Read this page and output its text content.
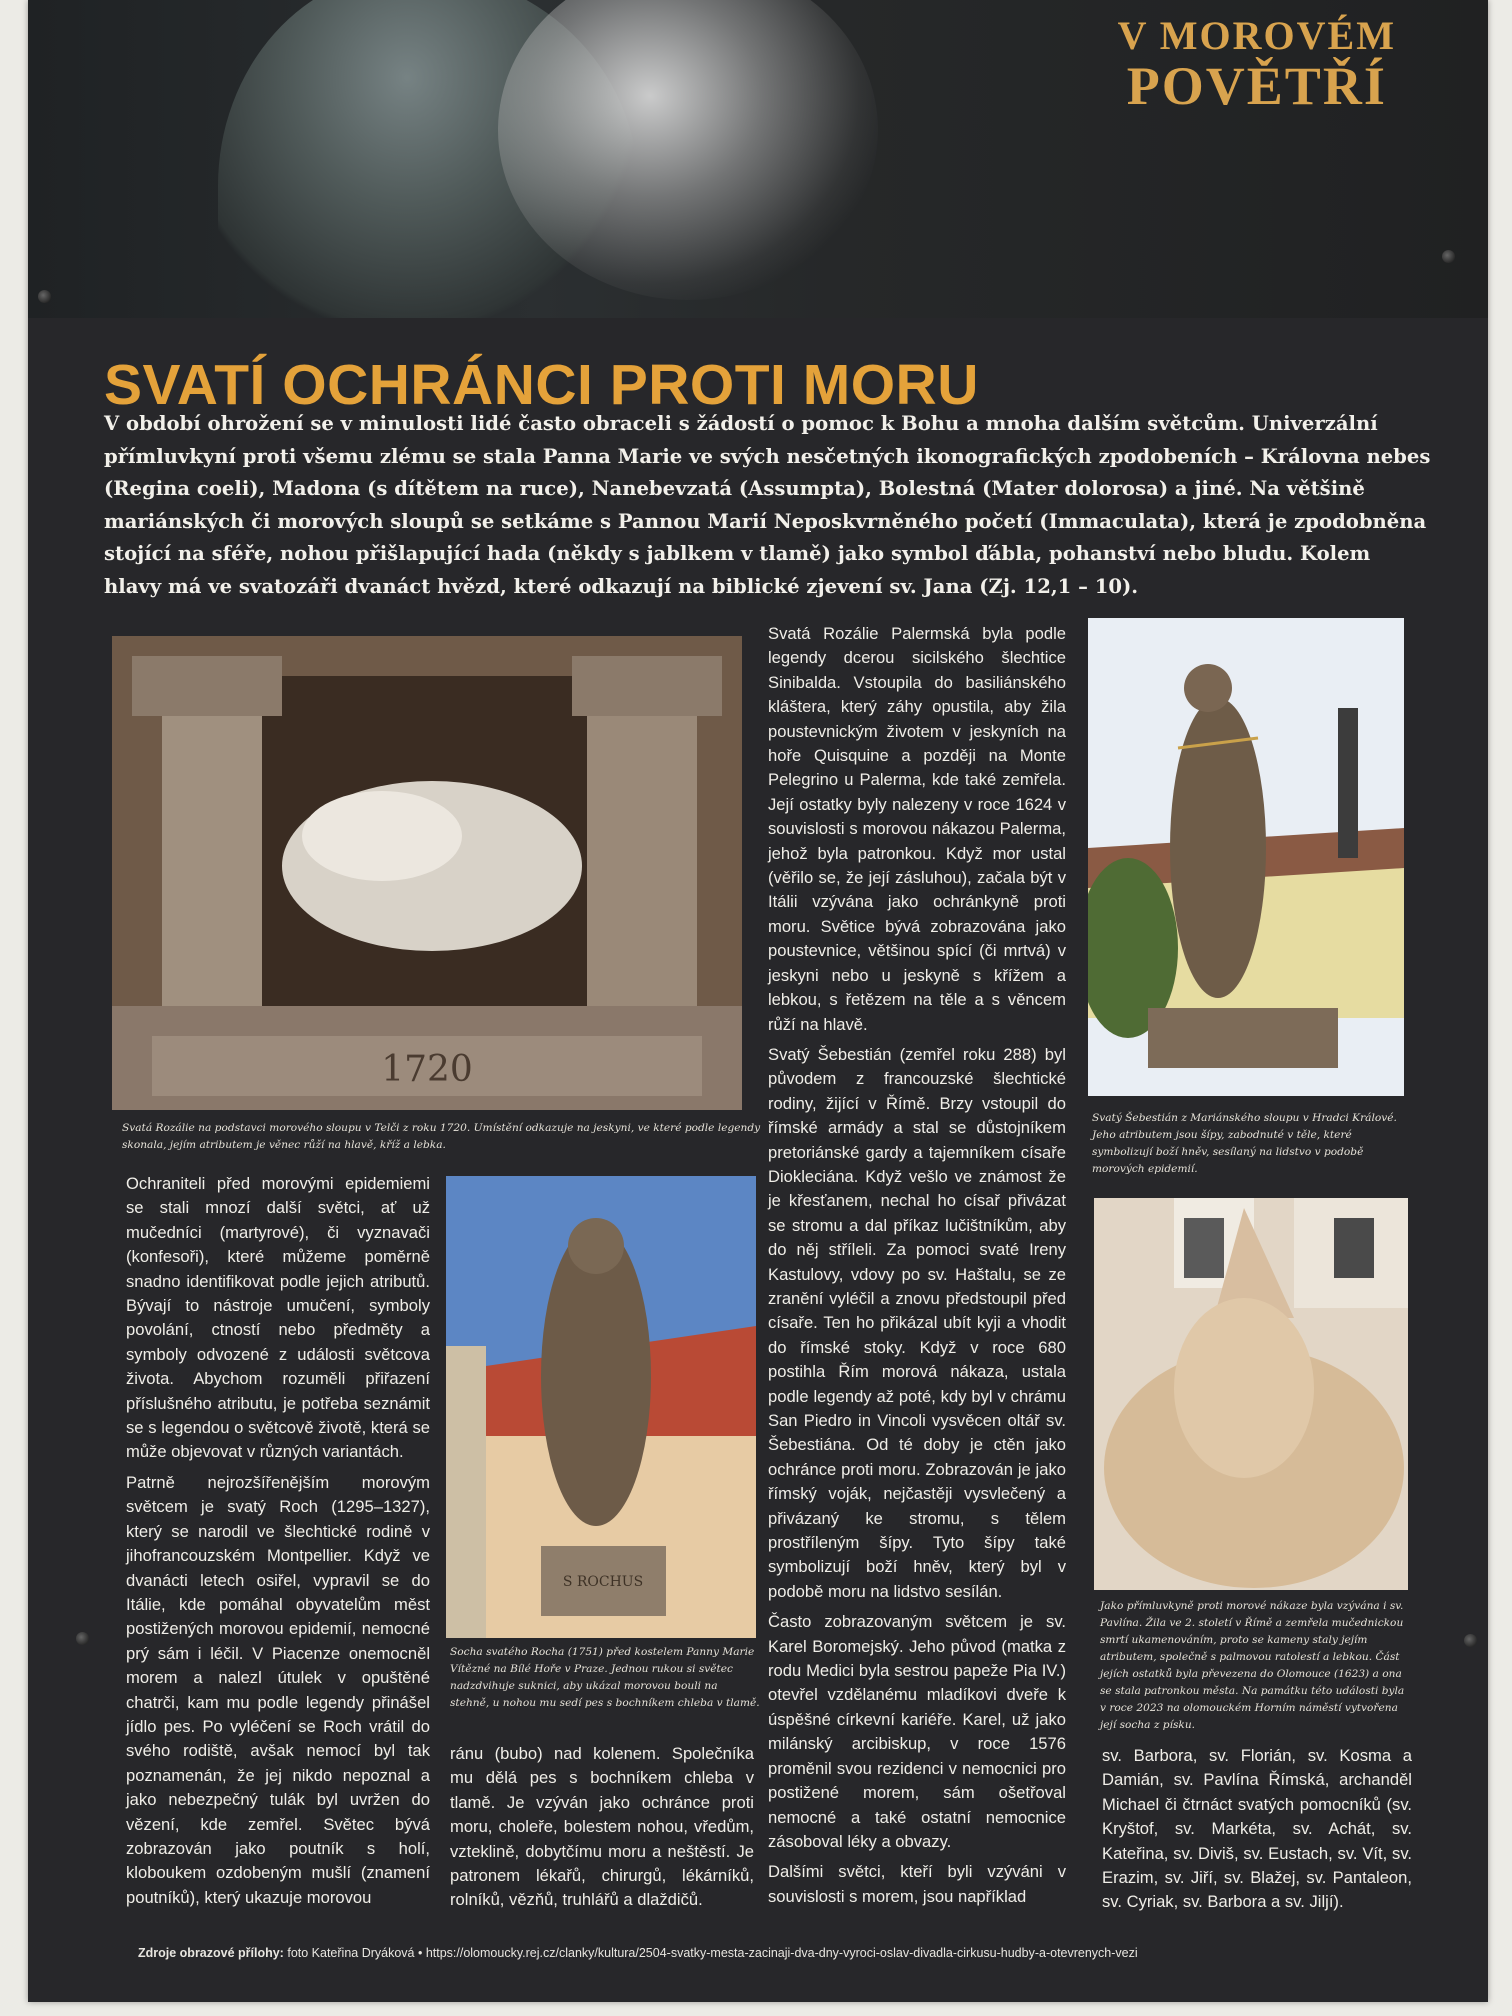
V MOROVÉM
POVĚTŘÍ
SVATÍ OCHRÁNCI PROTI MORU

V období ohrožení se v minulosti lidé často obraceli s žádostí o pomoc k Bohu a mnoha dalším světcům. Univerzální přímluvkyní proti všemu zlému se stala Panna Marie ve svých nesčetných ikonografických zpodobeních – Královna nebes (Regina coeli), Madona (s dítětem na ruce), Nanebevzatá (Assumpta), Bolestná (Mater dolorosa) a jiné. Na většině mariánských či morových sloupů se setkáme s Pannou Marií Neposkvrněného početí (Immaculata), která je zpodobněna stojící na sféře, nohou přišlapující hada (někdy s jablkem v tlamě) jako symbol ďábla, pohanství nebo bludu. Kolem hlavy má ve svatozáři dvanáct hvězd, které odkazují na biblické zjevení sv. Jana (Zj. 12,1 – 10).

1720

Svatá Rozálie na podstavci morového sloupu v Telči z roku 1720. Umístění odkazuje na jeskyni, ve které podle legendy skonala, jejím atributem je věnec růží na hlavě, kříž a lebka.

S ROCHUS

Socha svatého Rocha (1751) před kostelem Panny Marie Vítězné na Bílé Hoře v Praze. Jednou rukou si světec nadzdvihuje suknici, aby ukázal morovou bouli na stehně, u nohou mu sedí pes s bochníkem chleba v tlamě.

Svatý Šebestián z Mariánského sloupu v Hradci Králové. Jeho atributem jsou šípy, zabodnuté v těle, které symbolizují boží hněv, sesílaný na lidstvo v podobě morových epidemií.

Jako přímluvkyně proti morové nákaze byla vzývána i sv. Pavlína. Žila ve 2. století v Římě a zemřela mučednickou smrtí ukamenováním, proto se kameny staly jejím atributem, společně s palmovou ratolestí a lebkou. Část jejích ostatků byla převezena do Olomouce (1623) a ona se stala patronkou města. Na památku této události byla v roce 2023 na olomouckém Horním náměstí vytvořena její socha z písku.

Ochraniteli před morovými epidemiemi se stali mnozí další světci, ať už mučedníci (martyrové), či vyznavači (konfesoři), které můžeme poměrně snadno identifikovat podle jejich atributů. Bývají to nástroje umučení, symboly povolání, ctností nebo předměty a symboly odvozené z události světcova života. Abychom rozuměli přiřazení příslušného atributu, je potřeba seznámit se s legendou o světcově životě, která se může objevovat v různých variantách.

Patrně nejrozšířenějším morovým světcem je svatý Roch (1295–1327), který se narodil ve šlechtické rodině v jihofrancouzském Montpellier. Když ve dvanácti letech osiřel, vypravil se do Itálie, kde pomáhal obyvatelům měst postižených morovou epidemií, nemocné prý sám i léčil. V Piacenze onemocněl morem a nalezl útulek v opuštěné chatrči, kam mu podle legendy přinášel jídlo pes. Po vyléčení se Roch vrátil do svého rodiště, avšak nemocí byl tak poznamenán, že jej nikdo nepoznal a jako nebezpečný tulák byl uvržen do vězení, kde zemřel. Světec bývá zobrazován jako poutník s holí, kloboukem ozdobeným mušlí (znamení poutníků), který ukazuje morovou

ránu (bubo) nad kolenem. Společníka mu dělá pes s bochníkem chleba v tlamě. Je vzýván jako ochránce proti moru, choleře, bolestem nohou, vředům, vzteklině, dobytčímu moru a neštěstí. Je patronem lékařů, chirurgů, lékárníků, rolníků, vězňů, truhlářů a dlaždičů.

Svatá Rozálie Palermská byla podle legendy dcerou sicilského šlechtice Sinibalda. Vstoupila do basiliánského kláštera, který záhy opustila, aby žila poustevnickým životem v jeskyních na hoře Quisquine a později na Monte Pelegrino u Palerma, kde také zemřela. Její ostatky byly nalezeny v roce 1624 v souvislosti s morovou nákazou Palerma, jehož byla patronkou. Když mor ustal (věřilo se, že její zásluhou), začala být v Itálii vzývána jako ochránkyně proti moru. Světice bývá zobrazována jako poustevnice, většinou spící (či mrtvá) v jeskyni nebo u jeskyně s křížem a lebkou, s řetězem na těle a s věncem růží na hlavě.

Svatý Šebestián (zemřel roku 288) byl původem z francouzské šlechtické rodiny, žijící v Římě. Brzy vstoupil do římské armády a stal se důstojníkem pretoriánské gardy a tajemníkem císaře Diokleciána. Když vešlo ve známost že je křesťanem, nechal ho císař přivázat se stromu a dal příkaz lučištníkům, aby do něj stříleli. Za pomoci svaté Ireny Kastulovy, vdovy po sv. Haštalu, se ze zranění vyléčil a znovu předstoupil před císaře. Ten ho přikázal ubít kyji a vhodit do římské stoky. Když v roce 680 postihla Řím morová nákaza, ustala podle legendy až poté, kdy byl v chrámu San Piedro in Vincoli vysvěcen oltář sv. Šebestiána. Od té doby je ctěn jako ochránce proti moru. Zobrazován je jako římský voják, nejčastěji vysvlečený a přivázaný ke stromu, s tělem prostříleným šípy. Tyto šípy také symbolizují boží hněv, který byl v podobě moru na lidstvo sesílán.

Často zobrazovaným světcem je sv. Karel Boromejský. Jeho původ (matka z rodu Medici byla sestrou papeže Pia IV.) otevřel vzdělanému mladíkovi dveře k úspěšné církevní kariéře. Karel, už jako milánský arcibiskup, v roce 1576 proměnil svou rezidenci v nemocnici pro postižené morem, sám ošetřoval nemocné a také ostatní nemocnice zásoboval léky a obvazy.

Dalšími světci, kteří byli vzýváni v souvislosti s morem, jsou například

sv. Barbora, sv. Florián, sv. Kosma a Damián, sv. Pavlína Římská, archanděl Michael či čtrnáct svatých pomocníků (sv. Kryštof, sv. Markéta, sv. Achát, sv. Kateřina, sv. Diviš, sv. Eustach, sv. Vít, sv. Erazim, sv. Jiří, sv. Blažej, sv. Pantaleon, sv. Cyriak, sv. Barbora a sv. Jiljí).

Zdroje obrazové přílohy: foto Kateřina Dryáková • https://olomoucky.rej.cz/clanky/kultura/2504-svatky-mesta-zacinaji-dva-dny-vyroci-oslav-divadla-cirkusu-hudby-a-otevrenych-vezi
